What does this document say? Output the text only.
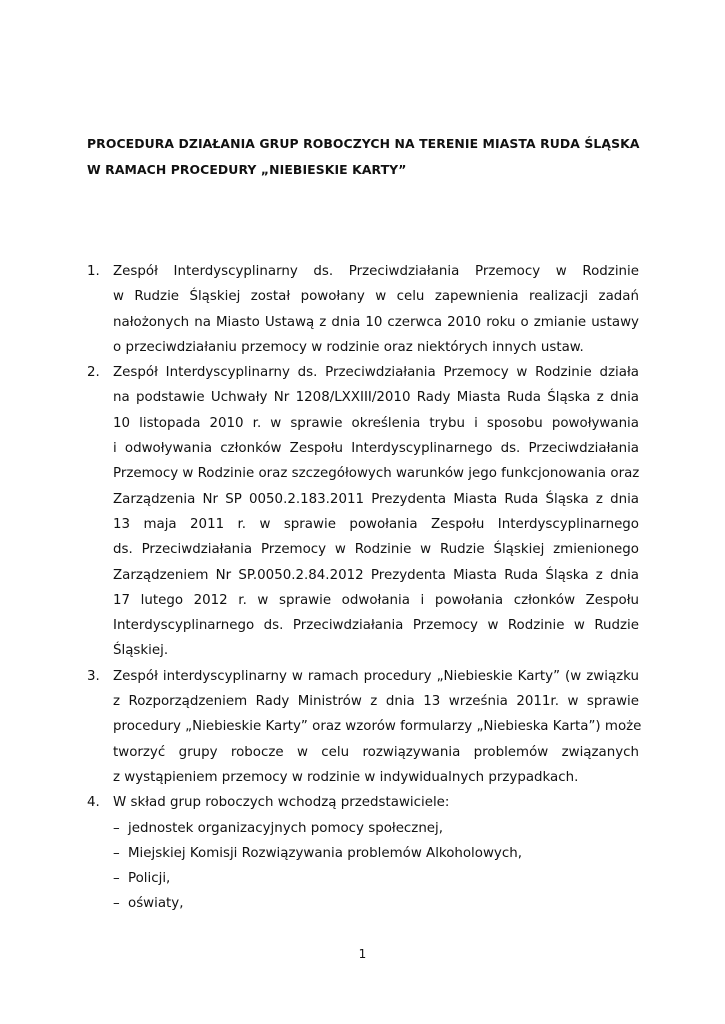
PROCEDURA DZIAŁANIA GRUP ROBOCZYCH NA TERENIE MIASTA RUDA ŚLĄSKA
W RAMACH PROCEDURY „NIEBIESKIE KARTY”
1. Zespół Interdyscyplinarny ds. Przeciwdziałania Przemocy w Rodzinie
w Rudzie Śląskiej został powołany w celu zapewnienia realizacji zadań
nałożonych na Miasto Ustawą z dnia 10 czerwca 2010 roku o zmianie ustawy
o przeciwdziałaniu przemocy w rodzinie oraz niektórych innych ustaw.
2. Zespół Interdyscyplinarny ds. Przeciwdziałania Przemocy w Rodzinie działa
na podstawie Uchwały Nr 1208/LXXIII/2010 Rady Miasta Ruda Śląska z dnia
10 listopada 2010 r. w sprawie określenia trybu i sposobu powoływania
i odwoływania członków Zespołu Interdyscyplinarnego ds. Przeciwdziałania
Przemocy w Rodzinie oraz szczegółowych warunków jego funkcjonowania oraz
Zarządzenia Nr SP 0050.2.183.2011 Prezydenta Miasta Ruda Śląska z dnia
13 maja 2011 r. w sprawie powołania Zespołu Interdyscyplinarnego
ds. Przeciwdziałania Przemocy w Rodzinie w Rudzie Śląskiej zmienionego
Zarządzeniem Nr SP.0050.2.84.2012 Prezydenta Miasta Ruda Śląska z dnia
17 lutego 2012 r. w sprawie odwołania i powołania członków Zespołu
Interdyscyplinarnego ds. Przeciwdziałania Przemocy w Rodzinie w Rudzie
Śląskiej.
3. Zespół interdyscyplinarny w ramach procedury „Niebieskie Karty” (w związku
z Rozporządzeniem Rady Ministrów z dnia 13 września 2011r. w sprawie
procedury „Niebieskie Karty” oraz wzorów formularzy „Niebieska Karta”) może
tworzyć grupy robocze w celu rozwiązywania problemów związanych
z wystąpieniem przemocy w rodzinie w indywidualnych przypadkach.
4. W skład grup roboczych wchodzą przedstawiciele:
– jednostek organizacyjnych pomocy społecznej,
– Miejskiej Komisji Rozwiązywania problemów Alkoholowych,
– Policji,
– oświaty,
1
